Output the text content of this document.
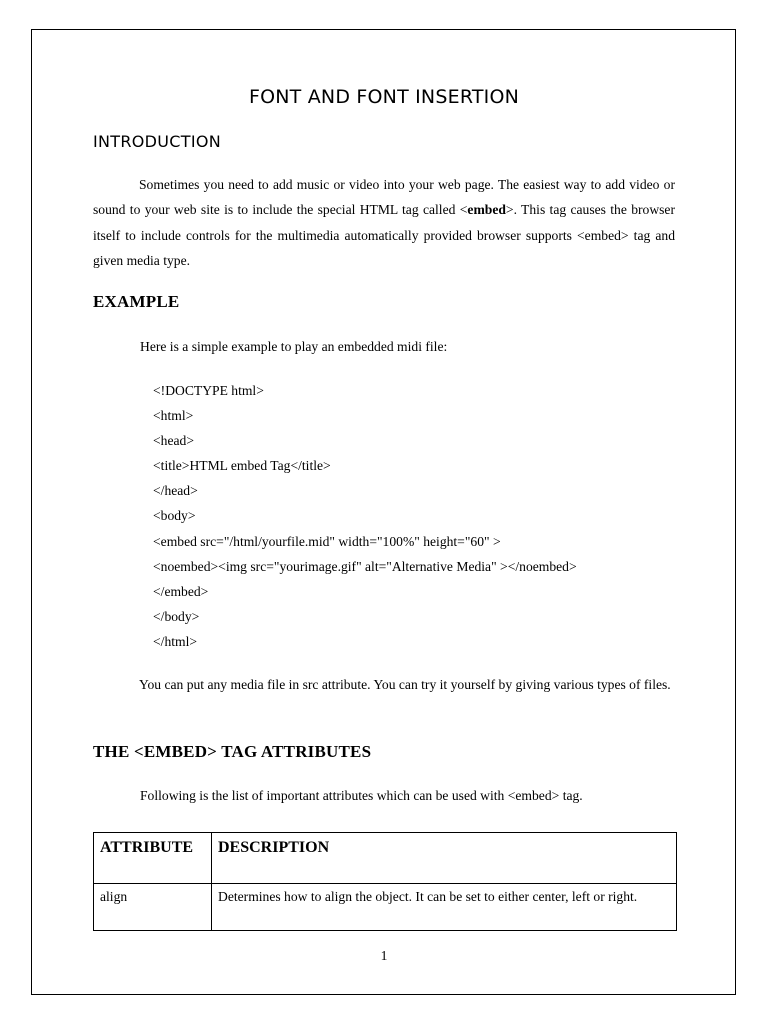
FONT AND FONT INSERTION
INTRODUCTION

Sometimes you need to add music or video into your web page. The easiest way to add video or sound to your web site is to include the special HTML tag called <embed>. This tag causes the browser itself to include controls for the multimedia automatically provided browser supports <embed> tag and given media type.

EXAMPLE

Here is a simple example to play an embedded midi file:

<!DOCTYPE html>
<html>
<head>
<title>HTML embed Tag</title>
</head>
<body>
<embed src="/html/yourfile.mid" width="100%" height="60" >
<noembed><img src="yourimage.gif" alt="Alternative Media" ></noembed>
</embed>
</body>
</html>

You can put any media file in src attribute. You can try it yourself by giving various types of files.

THE <EMBED> TAG ATTRIBUTES

Following is the list of important attributes which can be used with <embed> tag.

ATTRIBUTE	DESCRIPTION
align	Determines how to align the object. It can be set to either center, left or right.

1
